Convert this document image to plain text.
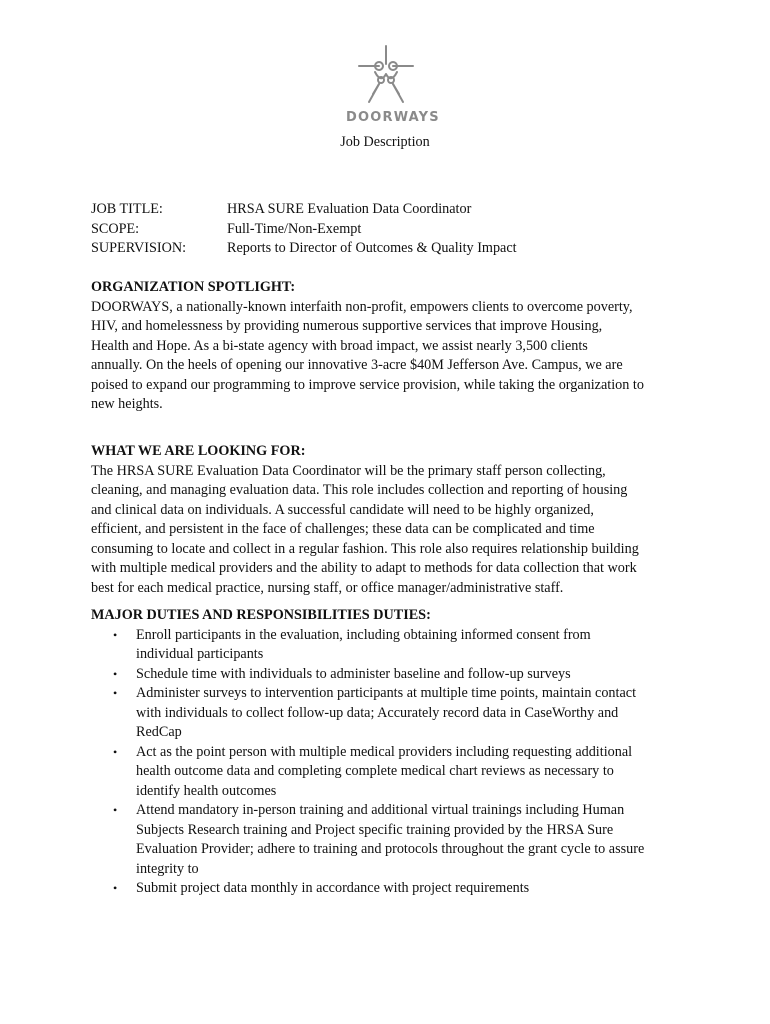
DOORWAYS
Job Description
JOB TITLE:	HRSA SURE Evaluation Data Coordinator
SCOPE:	Full-Time/Non-Exempt
SUPERVISION:	Reports to Director of Outcomes & Quality Impact
ORGANIZATION SPOTLIGHT:

DOORWAYS, a nationally-known interfaith non-profit, empowers clients to overcome poverty,
HIV, and homelessness by providing numerous supportive services that improve Housing,
Health and Hope. As a bi-state agency with broad impact, we assist nearly 3,500 clients
annually. On the heels of opening our innovative 3-acre $40M Jefferson Ave. Campus, we are
poised to expand our programming to improve service provision, while taking the organization to
new heights.

WHAT WE ARE LOOKING FOR:

The HRSA SURE Evaluation Data Coordinator will be the primary staff person collecting,
cleaning, and managing evaluation data. This role includes collection and reporting of housing
and clinical data on individuals. A successful candidate will need to be highly organized,
efficient, and persistent in the face of challenges; these data can be complicated and time
consuming to locate and collect in a regular fashion. This role also requires relationship building
with multiple medical providers and the ability to adapt to methods for data collection that work
best for each medical practice, nursing staff, or office manager/administrative staff.

MAJOR DUTIES AND RESPONSIBILITIES DUTIES:
• Enroll participants in the evaluation, including obtaining informed consent from
individual participants
• Schedule time with individuals to administer baseline and follow-up surveys
• Administer surveys to intervention participants at multiple time points, maintain contact
with individuals to collect follow-up data; Accurately record data in CaseWorthy and
RedCap
• Act as the point person with multiple medical providers including requesting additional
health outcome data and completing complete medical chart reviews as necessary to
identify health outcomes
• Attend mandatory in-person training and additional virtual trainings including Human
Subjects Research training and Project specific training provided by the HRSA Sure
Evaluation Provider; adhere to training and protocols throughout the grant cycle to assure
integrity to
• Submit project data monthly in accordance with project requirements
